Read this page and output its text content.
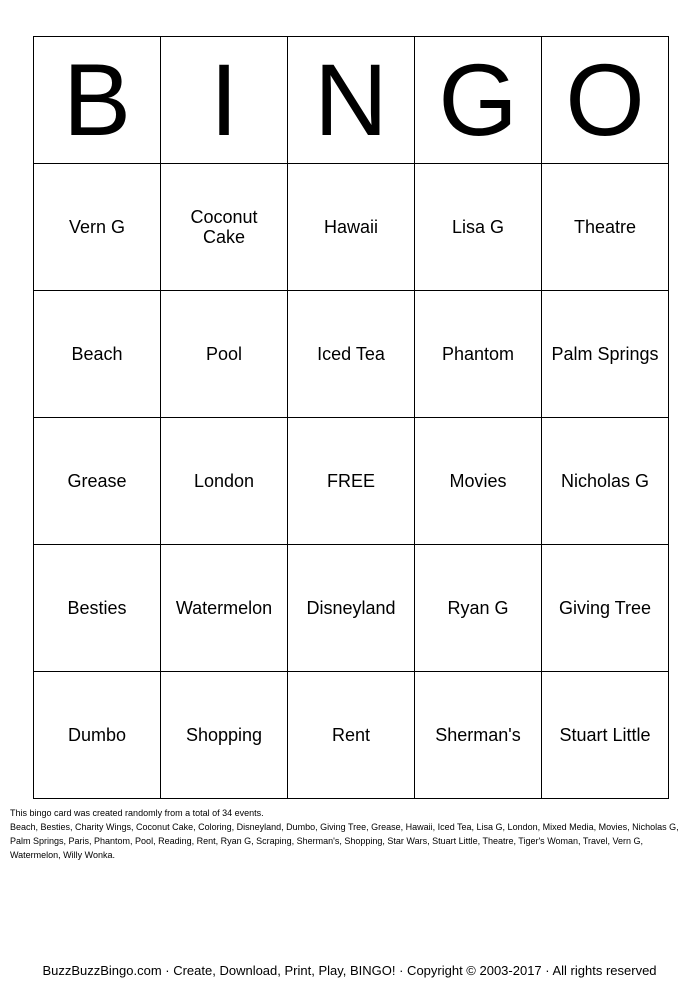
B	I	N	G	O
Vern G	Coconut Cake	Hawaii	Lisa G	Theatre
Beach	Pool	Iced Tea	Phantom	Palm Springs
Grease	London	FREE	Movies	Nicholas G
Besties	Watermelon	Disneyland	Ryan G	Giving Tree
Dumbo	Shopping	Rent	Sherman's	Stuart Little
This bingo card was created randomly from a total of 34 events.
Beach, Besties, Charity Wings, Coconut Cake, Coloring, Disneyland, Dumbo, Giving Tree, Grease, Hawaii, Iced Tea, Lisa G, London, Mixed Media, Movies, Nicholas G, Palm Springs, Paris, Phantom, Pool, Reading, Rent, Ryan G, Scraping, Sherman's, Shopping, Star Wars, Stuart Little, Theatre, Tiger's Woman, Travel, Vern G, Watermelon, Willy Wonka.
BuzzBuzzBingo.com · Create, Download, Print, Play, BINGO! · Copyright © 2003-2017 · All rights reserved
